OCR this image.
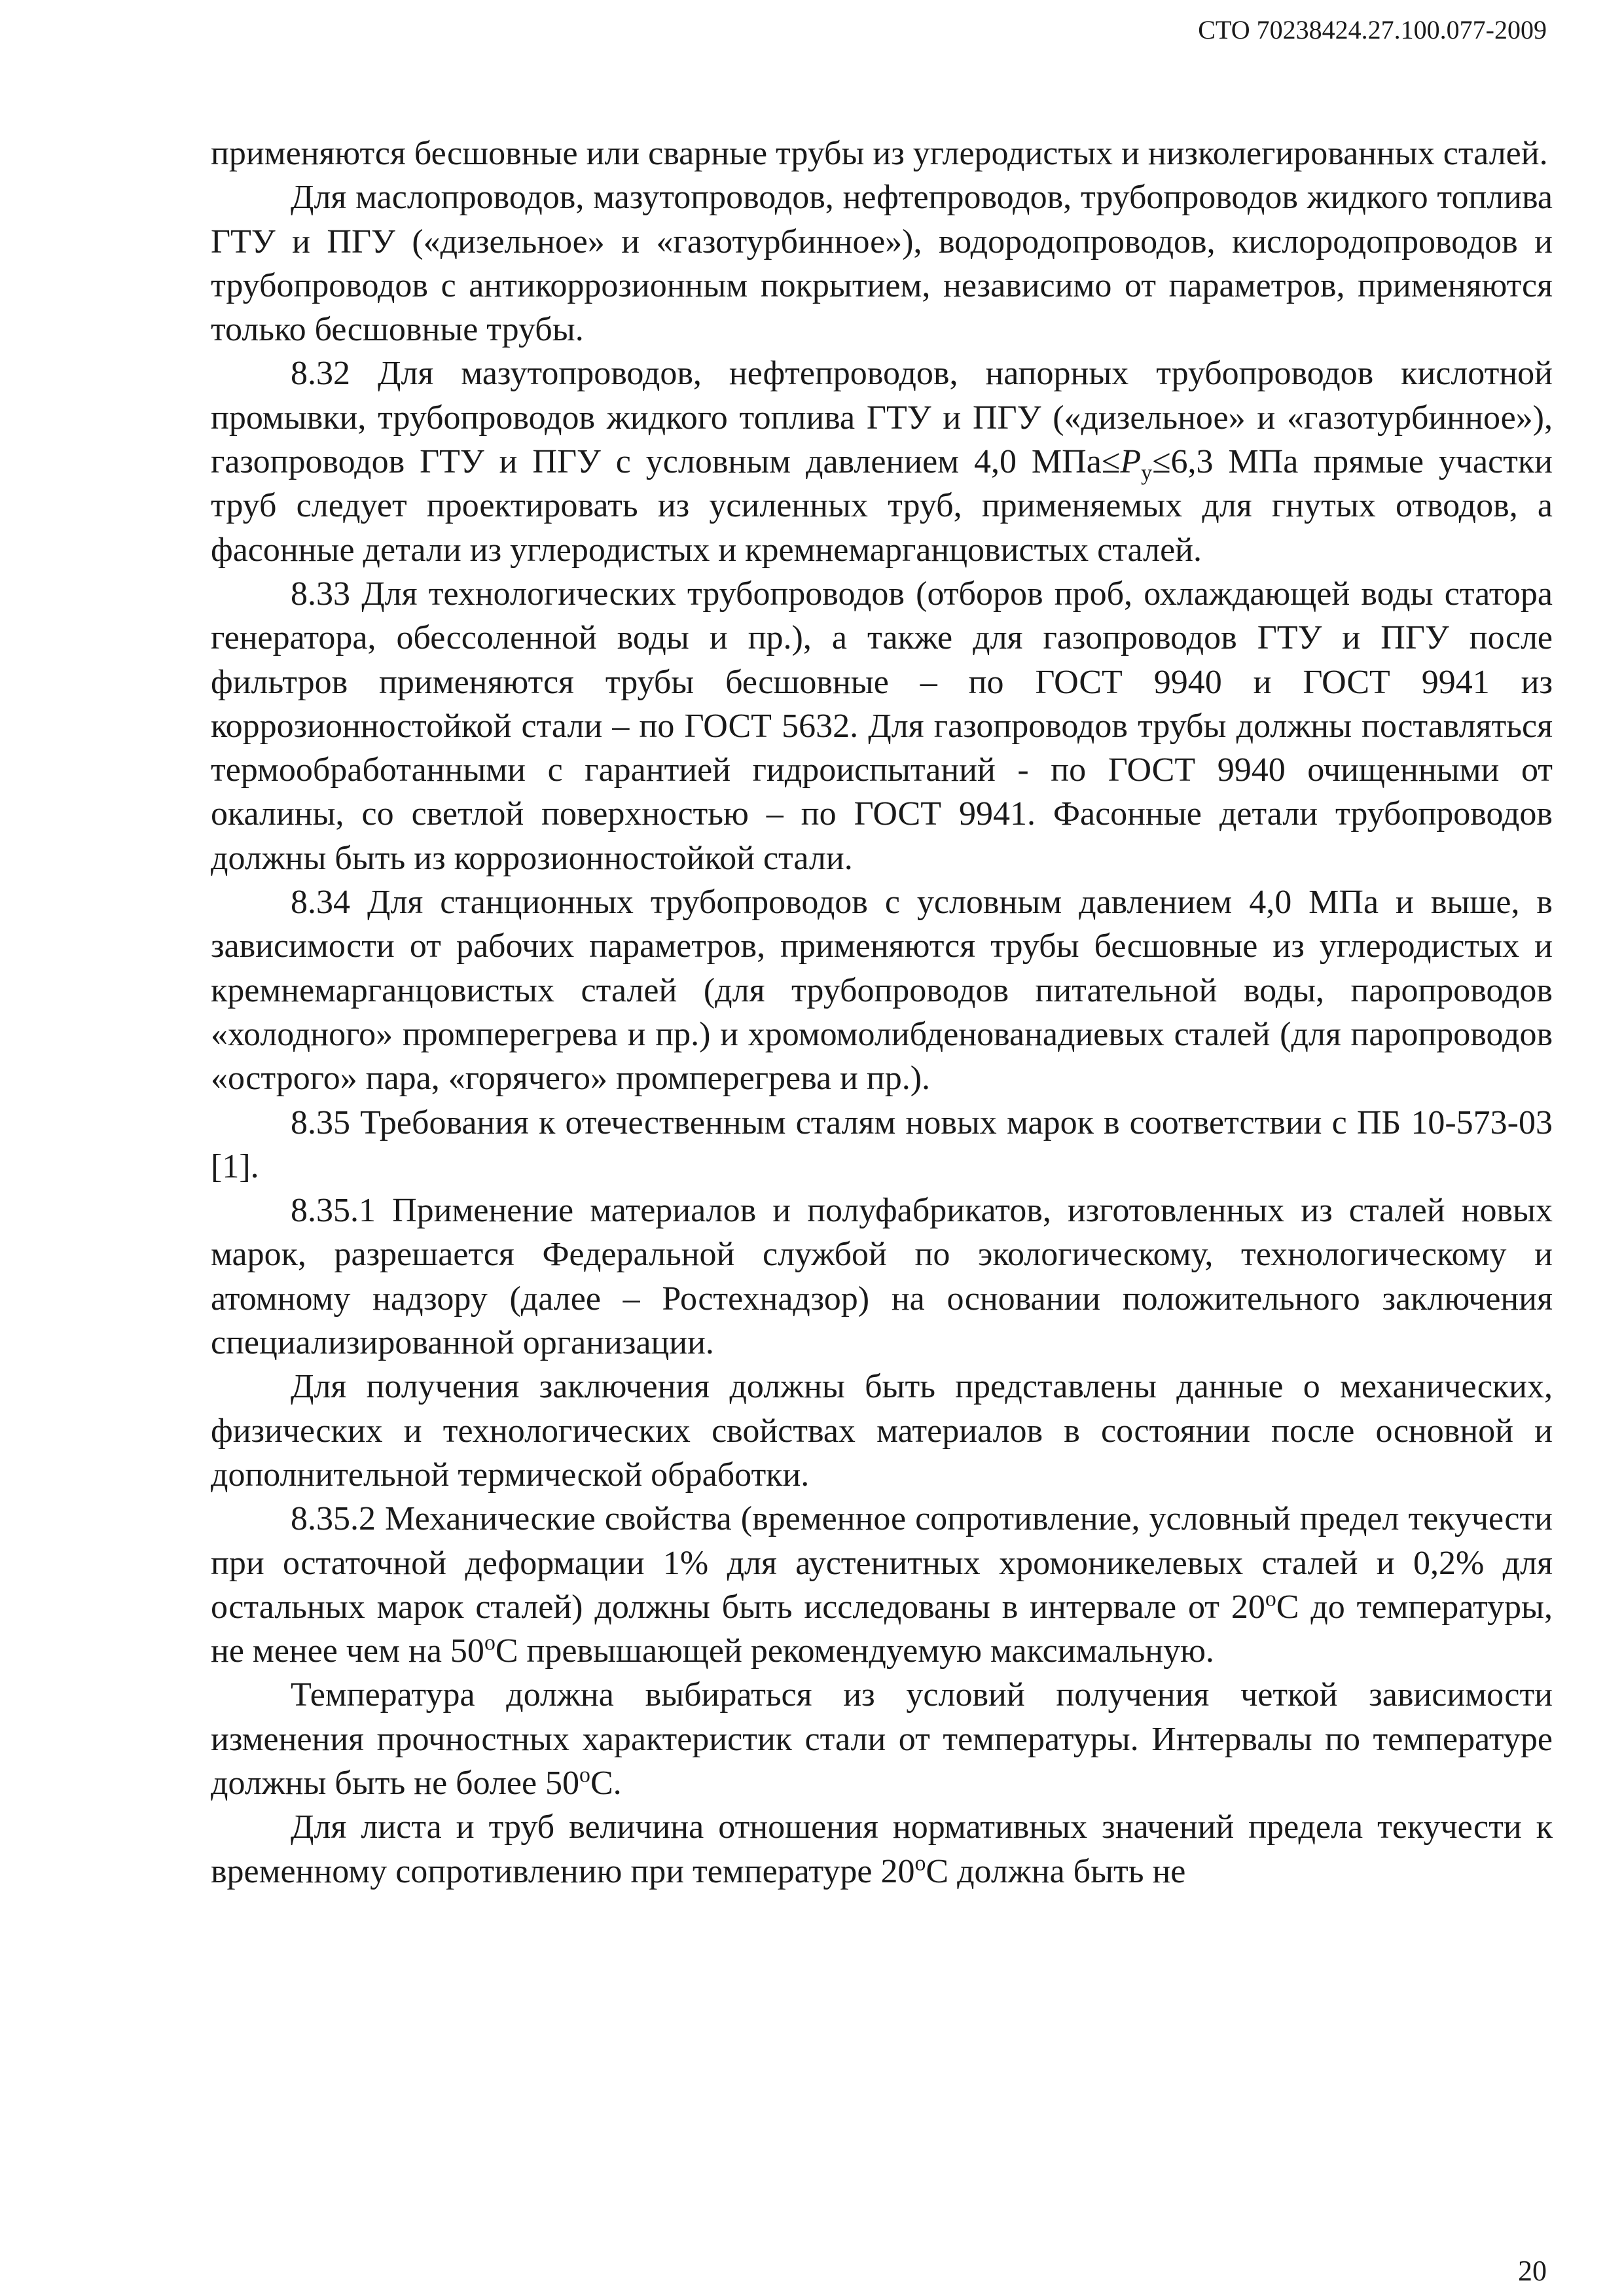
СТО 70238424.27.100.077-2009

применяются бесшовные или сварные трубы из углеродистых и низколегированных сталей.

Для маслопроводов, мазутопроводов, нефтепроводов, трубопроводов жидкого топлива ГТУ и ПГУ («дизельное» и «газотурбинное»), водородопроводов, кислородопроводов и трубопроводов с антикоррозионным покрытием, независимо от параметров, применяются только бесшовные трубы.

8.32 Для мазутопроводов, нефтепроводов, напорных трубопроводов кислотной промывки, трубопроводов жидкого топлива ГТУ и ПГУ («дизельное» и «газотурбинное»), газопроводов ГТУ и ПГУ с условным давлением 4,0 $МПа\le P_у\le 6,3$ МПа прямые участки труб следует проектировать из усиленных труб, применяемых для гнутых отводов, а фасонные детали из углеродистых и кремнемарганцовистых сталей.

8.33 Для технологических трубопроводов (отборов проб, охлаждающей воды статора генератора, обессоленной воды и пр.), а также для газопроводов ГТУ и ПГУ после фильтров применяются трубы бесшовные – по ГОСТ 9940 и ГОСТ 9941 из коррозионностойкой стали – по ГОСТ 5632. Для газопроводов трубы должны поставляться термообработанными с гарантией гидроиспытаний - по ГОСТ 9940 очищенными от окалины, со светлой поверхностью – по ГОСТ 9941. Фасонные детали трубопроводов должны быть из коррозионностойкой стали.

8.34 Для станционных трубопроводов с условным давлением 4,0 МПа и выше, в зависимости от рабочих параметров, применяются трубы бесшовные из углеродистых и кремнемарганцовистых сталей (для трубопроводов питательной воды, паропроводов «холодного» промперегрева и пр.) и хромомолибденованадиевых сталей (для паропроводов «острого» пара, «горячего» промперегрева и пр.).

8.35 Требования к отечественным сталям новых марок в соответствии с ПБ 10-573-03 [1].

8.35.1 Применение материалов и полуфабрикатов, изготовленных из сталей новых марок, разрешается Федеральной службой по экологическому, технологическому и атомному надзору (далее – Ростехнадзор) на основании положительного заключения специализированной организации.

Для получения заключения должны быть представлены данные о механических, физических и технологических свойствах материалов в состоянии после основной и дополнительной термической обработки.

8.35.2 Механические свойства (временное сопротивление, условный предел текучести при остаточной деформации 1% для аустенитных хромоникелевых сталей и 0,2% для остальных марок сталей) должны быть исследованы в интервале от $20^оС$ до температуры, не менее чем на $50^оС$ превышающей рекомендуемую максимальную.

Температура должна выбираться из условий получения четкой зависимости изменения прочностных характеристик стали от температуры. Интервалы по температуре должны быть не более $50^оС$.

Для листа и труб величина отношения нормативных значений предела текучести к временному сопротивлению при температуре $20^оС$ должна быть не

20
